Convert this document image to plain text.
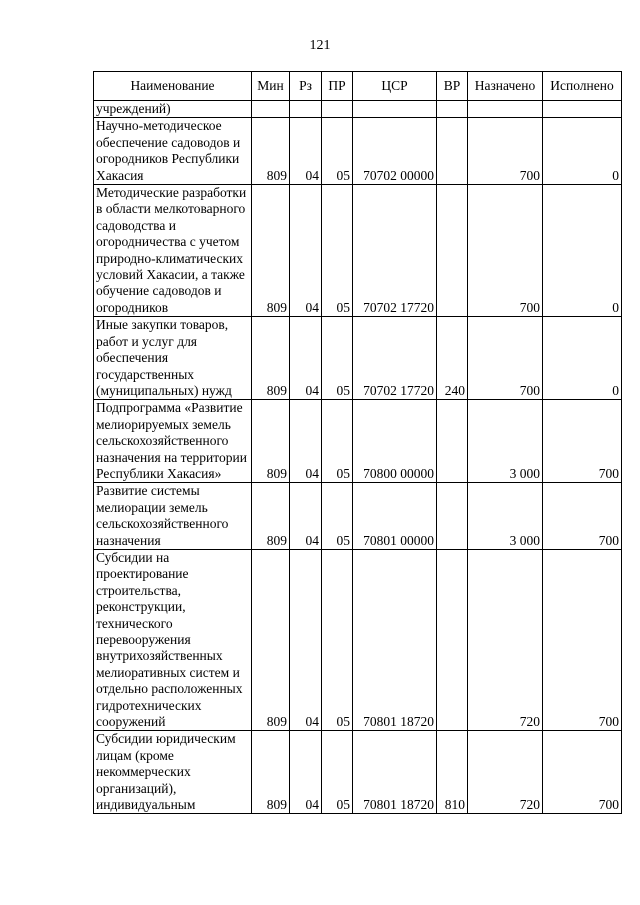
121
Наименование	Мин	Рз	ПР	ЦСР	ВР	Назначено	Исполнено
учреждений)							
Научно-методическое обеспечение садоводов и огородников Республики Хакасия	809	04	05	70702 00000		700	0
Методические разработки в области мелкотоварного садоводства и огородничества с учетом природно-климатических условий Хакасии, а также обучение садоводов и огородников	809	04	05	70702 17720		700	0
Иные закупки товаров, работ и услуг для обеспечения государственных (муниципальных) нужд	809	04	05	70702 17720	240	700	0
Подпрограмма «Развитие мелиорируемых земель сельскохозяйственного назначения на территории Республики Хакасия»	809	04	05	70800 00000		3 000	700
Развитие системы мелиорации земель сельскохозяйственного назначения	809	04	05	70801 00000		3 000	700
Субсидии на проектирование строительства, реконструкции, технического перевооружения внутрихозяйственных мелиоративных систем и отдельно расположенных гидротехнических сооружений	809	04	05	70801 18720		720	700
Субсидии юридическим лицам (кроме некоммерческих организаций), индивидуальным	809	04	05	70801 18720	810	720	700
